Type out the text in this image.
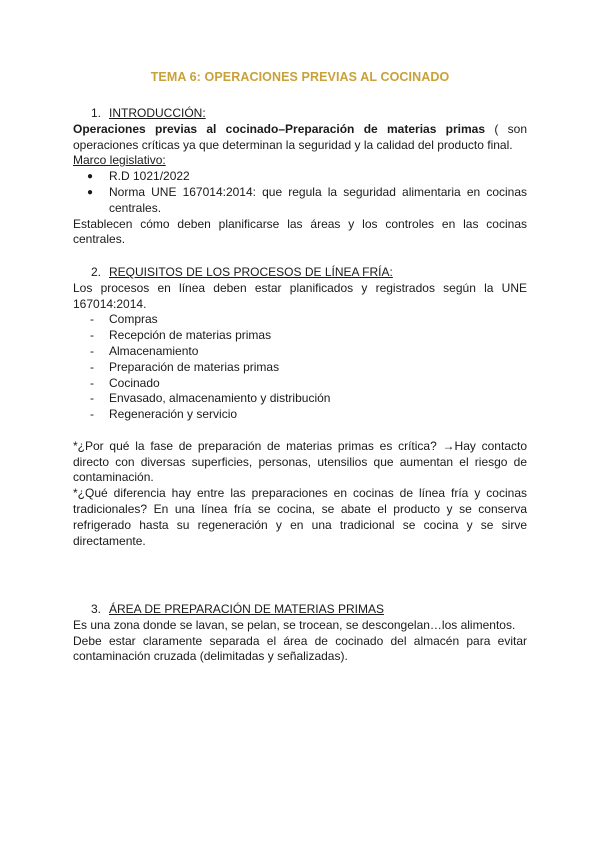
TEMA 6: OPERACIONES PREVIAS AL COCINADO
1. INTRODUCCIÓN:
Operaciones previas al cocinado–Preparación de materias primas ( son operaciones críticas ya que determinan la seguridad y la calidad del producto final.
Marco legislativo:
●	R.D 1021/2022
●	Norma UNE 167014:2014: que regula la seguridad alimentaria en cocinas centrales.
Establecen cómo deben planificarse las áreas y los controles en las cocinas centrales.
2. REQUISITOS DE LOS PROCESOS DE LÍNEA FRÍA:
Los procesos en línea deben estar planificados y registrados según la UNE 167014:2014.
-	Compras
-	Recepción de materias primas
-	Almacenamiento
-	Preparación de materias primas
-	Cocinado
-	Envasado, almacenamiento y distribución
-	Regeneración y servicio
*¿Por qué la fase de preparación de materias primas es crítica? →Hay contacto directo con diversas superficies, personas, utensilios que aumentan el riesgo de contaminación.
*¿Qué diferencia hay entre las preparaciones en cocinas de línea fría y cocinas tradicionales? En una línea fría se cocina, se abate el producto y se conserva refrigerado hasta su regeneración y en una tradicional se cocina y se sirve directamente.
3. ÁREA DE PREPARACIÓN DE MATERIAS PRIMAS
Es una zona donde se lavan, se pelan, se trocean, se descongelan…los alimentos.
Debe estar claramente separada el área de cocinado del almacén para evitar contaminación cruzada (delimitadas y señalizadas).
